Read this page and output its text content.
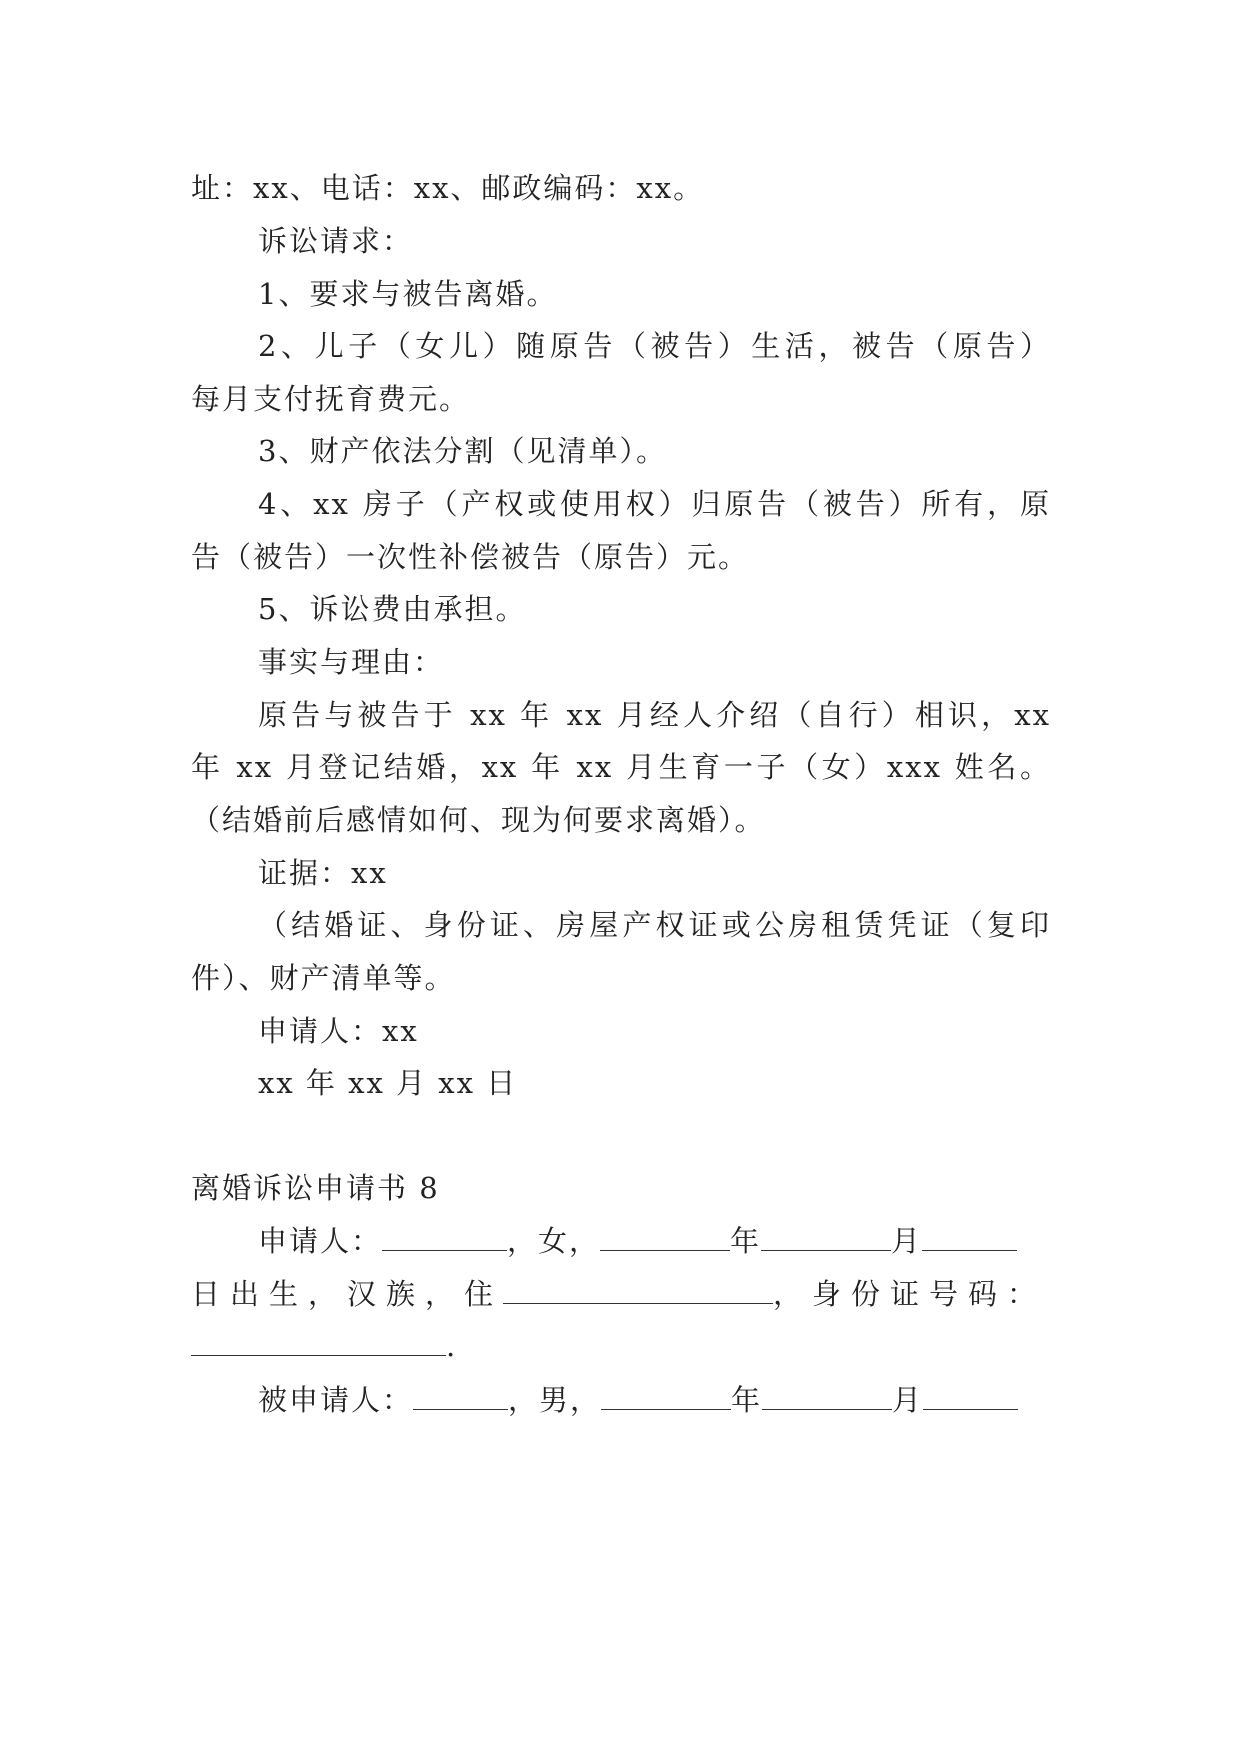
址：xx、电话：xx、邮政编码：xx。
诉讼请求：
1、要求与被告离婚。
2、儿子（女儿）随原告（被告）生活，被告（原告）
每月支付抚育费元。
3、财产依法分割（见清单）。
4、xx 房子（产权或使用权）归原告（被告）所有，原
告（被告）一次性补偿被告（原告）元。
5、诉讼费由承担。
事实与理由：
原告与被告于 xx 年 xx 月经人介绍（自行）相识，xx
年 xx 月登记结婚，xx 年 xx 月生育一子（女）xxx 姓名。
（结婚前后感情如何、现为何要求离婚）。
证据：xx
（结婚证、身份证、房屋产权证或公房租赁凭证（复印
件）、财产清单等。
申请人：xx
xx 年 xx 月 xx 日
离婚诉讼申请书 8
申请人：	，女，	年	月
日出生，汉族，住	，身份证号码：
.
被申请人：	，男，	年	月
